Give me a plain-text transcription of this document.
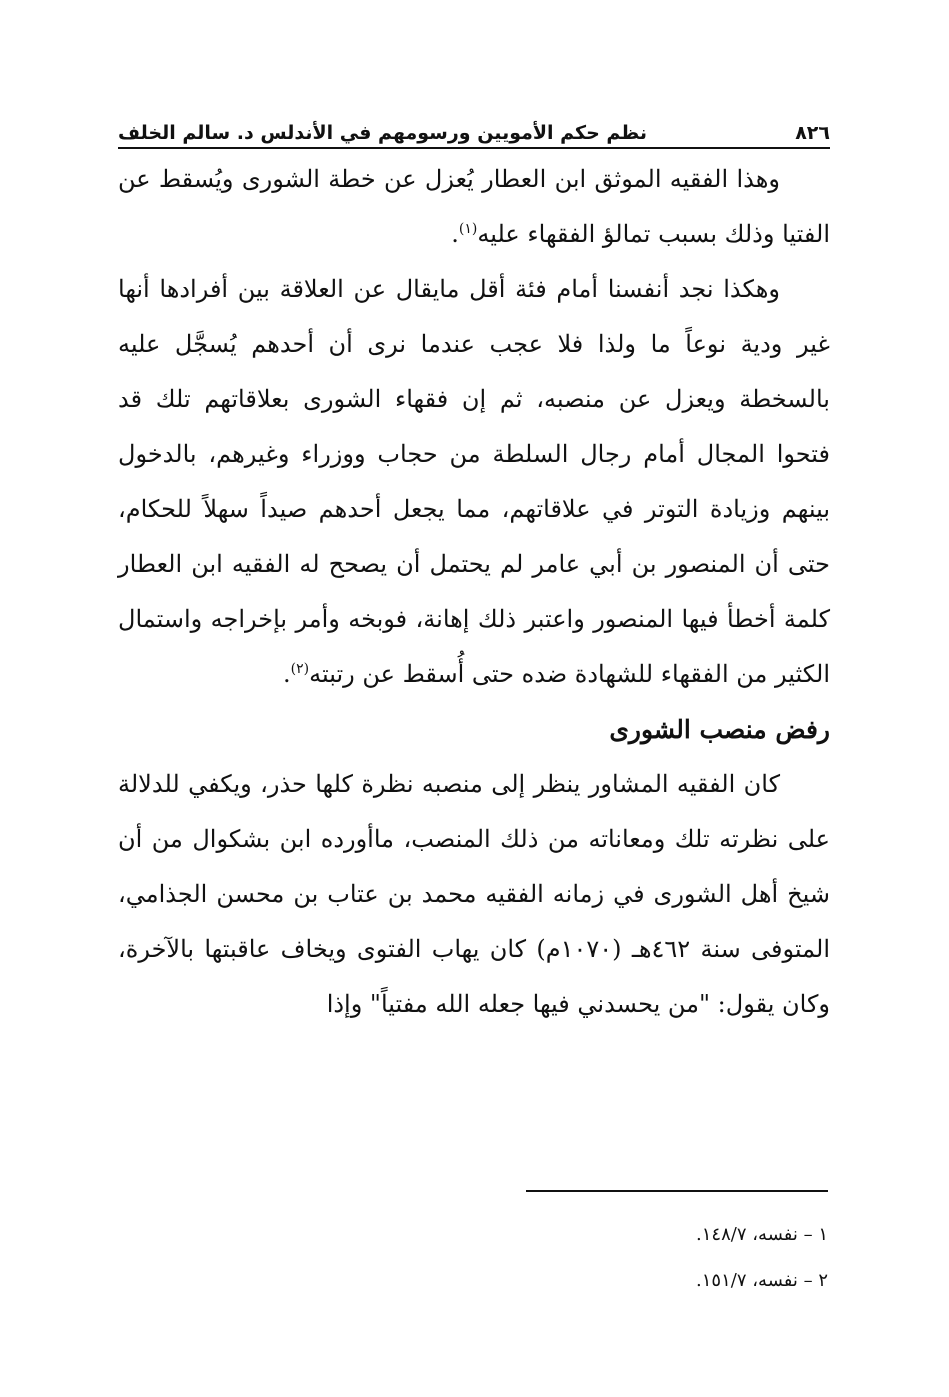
٨٢٦
نظم حكم الأمويين ورسومهم في الأندلس د. سالم الخلف

وهذا الفقيه الموثق ابن العطار يُعزل عن خطة الشورى ويُسقط عن الفتيا وذلك بسبب تمالؤ الفقهاء عليه$^{(١)}$.

وهكذا نجد أنفسنا أمام فئة أقل مايقال عن العلاقة بين أفرادها أنها غير ودية نوعاً ما ولذا فلا عجب عندما نرى أن أحدهم يُسجَّل عليه بالسخطة ويعزل عن منصبه، ثم إن فقهاء الشورى بعلاقاتهم تلك قد فتحوا المجال أمام رجال السلطة من حجاب ووزراء وغيرهم، بالدخول بينهم وزيادة التوتر في علاقاتهم، مما يجعل أحدهم صيداً سهلاً للحكام، حتى أن المنصور بن أبي عامر لم يحتمل أن يصحح له الفقيه ابن العطار كلمة أخطأ فيها المنصور واعتبر ذلك إهانة، فوبخه وأمر بإخراجه واستمال الكثير من الفقهاء للشهادة ضده حتى أُسقط عن رتبته$^{(٢)}$.

رفض منصب الشورى

كان الفقيه المشاور ينظر إلى منصبه نظرة كلها حذر، ويكفي للدلالة على نظرته تلك ومعاناته من ذلك المنصب، ماأورده ابن بشكوال من أن شيخ أهل الشورى في زمانه الفقيه محمد بن عتاب بن محسن الجذامي، المتوفى سنة ٤٦٢هـ (١٠٧٠م) كان يهاب الفتوى ويخاف عاقبتها بالآخرة، وكان يقول: "من يحسدني فيها جعله الله مفتياً" وإذا

١ – نفسه، ١٤٨/٧.

٢ – نفسه، ١٥١/٧.
